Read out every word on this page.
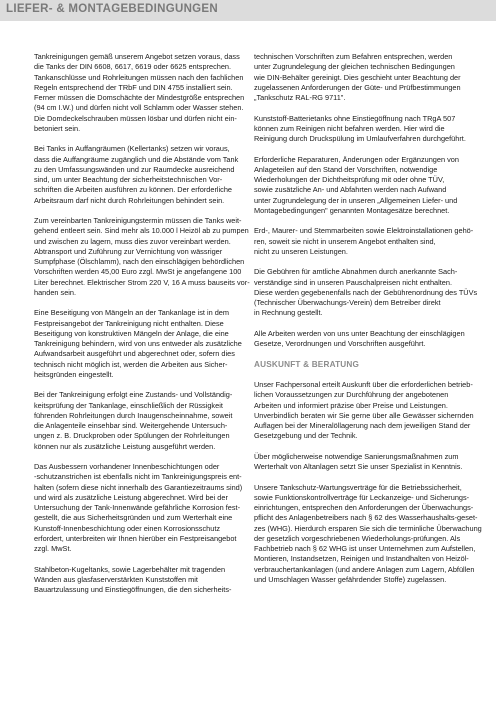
LIEFER- & MONTAGEBEDINGUNGEN
Tankreinigungen gemäß unserem Angebot setzen voraus, dass
die Tanks der DIN 6608, 6617, 6619 oder 6625 entsprechen.
Tankanschlüsse und Rohrleitungen müssen nach den fachlichen
Regeln entsprechend der TRbF und DIN 4755 installiert sein.
Ferner müssen die Domschächte der Mindestgröße entsprechen
(94 cm I.W.) und dürfen nicht voll Schlamm oder Wasser stehen.
Die Domdeckelschrauben müssen lösbar und dürfen nicht ein-
betoniert sein.
Bei Tanks in Auffangräumen (Kellertanks) setzen wir voraus,
dass die Auffangräume zugänglich und die Abstände vom Tank
zu den Umfassungswänden und zur Raumdecke ausreichend
sind, um unter Beachtung der sicherheitstechnischen Vor-
schriften die Arbeiten ausführen zu können. Der erforderliche
Arbeitsraum darf nicht durch Rohrleitungen behindert sein.
Zum vereinbarten Tankreinigungstermin müssen die Tanks weit-
gehend entleert sein. Sind mehr als 10.000 l Heizöl ab zu pumpen
und zwischen zu lagern, muss dies zuvor vereinbart werden.
Abtransport und Zuführung zur Vernichtung von wässriger
Sumpfphase (Ölschlamm), nach den einschlägigen behördlichen
Vorschriften werden 45,00 Euro zzgl. MwSt je angefangene 100
Liter berechnet. Elektrischer Strom 220 V, 16 A muss bauseits vor-
handen sein.
Eine Beseitigung von Mängeln an der Tankanlage ist in dem
Festpreisangebot der Tankreinigung nicht enthalten. Diese
Beseitigung von konstruktiven Mängeln der Anlage, die eine
Tankreinigung behindern, wird von uns entweder als zusätzliche
Aufwandsarbeit ausgeführt und abgerechnet oder, sofern dies
technisch nicht möglich ist, werden die Arbeiten aus Sicher-
heitsgründen eingestellt.
Bei der Tankreinigung erfolgt eine Zustands- und Vollständig-
keitsprüfung der Tankanlage, einschließlich der Rüssigkeit
führenden Rohrleitungen durch Inaugenscheinnahme, soweit
die Anlagenteile einsehbar sind. Weitergehende Untersuch-
ungen z. B. Druckproben oder Spülungen der Rohrleitungen
können nur als zusätzliche Leistung ausgeführt werden.
Das Ausbessern vorhandener Innenbeschichtungen oder
-schutzanstrichen ist ebenfalls nicht im Tankreinigungspreis ent-
halten (sofern diese nicht innerhalb des Garantiezeitraums sind)
und wird als zusätzliche Leistung abgerechnet. Wird bei der
Untersuchung der Tank-Innenwände gefährliche Korrosion fest-
gestellt, die aus Sicherheitsgründen und zum Werterhalt eine
Kunstoff-Innenbeschichtung oder einen Korrosionsschutz
erfordert, unterbreiten wir Ihnen hierüber ein Festpreisangebot
zzgl. MwSt.
Stahlbeton-Kugeltanks, sowie Lagerbehälter mit tragenden
Wänden aus glasfaserverstärkten Kunststoffen mit
Bauartzulassung und Einstiegöffnungen, die den sicherheits-
technischen Vorschriften zum Befahren entsprechen, werden
unter Zugrundelegung der gleichen technischen Bedingungen
wie DIN-Behälter gereinigt. Dies geschieht unter Beachtung der
zugelassenen Anforderungen der Güte- und Prüfbestimmungen
„Tankschutz RAL-RG 9711".
Kunststoff-Batterietanks ohne Einstiegöffnung nach TRgA 507
können zum Reinigen nicht befahren werden. Hier wird die
Reinigung durch Druckspülung im Umlaufverfahren durchgeführt.
Erforderliche Reparaturen, Änderungen oder Ergänzungen von
Anlageteilen auf den Stand der Vorschriften, notwendige
Wiederholungen der Dichtheitsprüfung mit oder ohne TÜV,
sowie zusätzliche An- und Abfahrten werden nach Aufwand
unter Zugrundelegung der in unseren „Allgemeinen Liefer- und
Montagebedingungen" genannten Montagesätze berechnet.
Erd-, Maurer- und Stemmarbeiten sowie Elektroinstallationen gehö-
ren, soweit sie nicht in unserem Angebot enthalten sind,
nicht zu unseren Leistungen.
Die Gebühren für amtliche Abnahmen durch anerkannte Sach-
verständige sind in unseren Pauschalpreisen nicht enthalten.
Diese werden gegebenenfalls nach der Gebührenordnung des TÜVs
(Technischer Überwachungs-Verein) dem Betreiber direkt
in Rechnung gestellt.
Alle Arbeiten werden von uns unter Beachtung der einschlägigen
Gesetze, Verordnungen und Vorschriften ausgeführt.
AUSKUNFT & BERATUNG
Unser Fachpersonal erteilt Auskunft über die erforderlichen betrieb-
lichen Voraussetzungen zur Durchführung der angebotenen
Arbeiten und informiert präzise über Preise und Leistungen.
Unverbindlich beraten wir Sie gerne über alle Gewässer sichernden
Auflagen bei der Mineralöllagerung nach dem jeweiligen Stand der
Gesetzgebung und der Technik.
Über möglicherweise notwendige Sanierungsmaßnahmen zum
Werterhalt von Altanlagen setzt Sie unser Spezialist in Kenntnis.
Unsere Tankschutz-Wartungsverträge für die Betriebssicherheit,
sowie Funktionskontrollverträge für Leckanzeige- und Sicherungs-
einrichtungen, entsprechen den Anforderungen der Überwachungs-
pflicht des Anlagenbetreibers nach § 62 des Wasserhaushalts-geset-
zes (WHG). Hierdurch ersparen Sie sich die terminliche Überwachung
der gesetzlich vorgeschriebenen Wiederholungs-prüfungen. Als
Fachbetrieb nach § 62 WHG ist unser Unternehmen zum Aufstellen,
Montieren, Instandsetzen, Reinigen und Instandhalten von Heizöl-
verbrauchertankanlagen (und andere Anlagen zum Lagern, Abfüllen
und Umschlagen Wasser gefährdender Stoffe) zugelassen.
